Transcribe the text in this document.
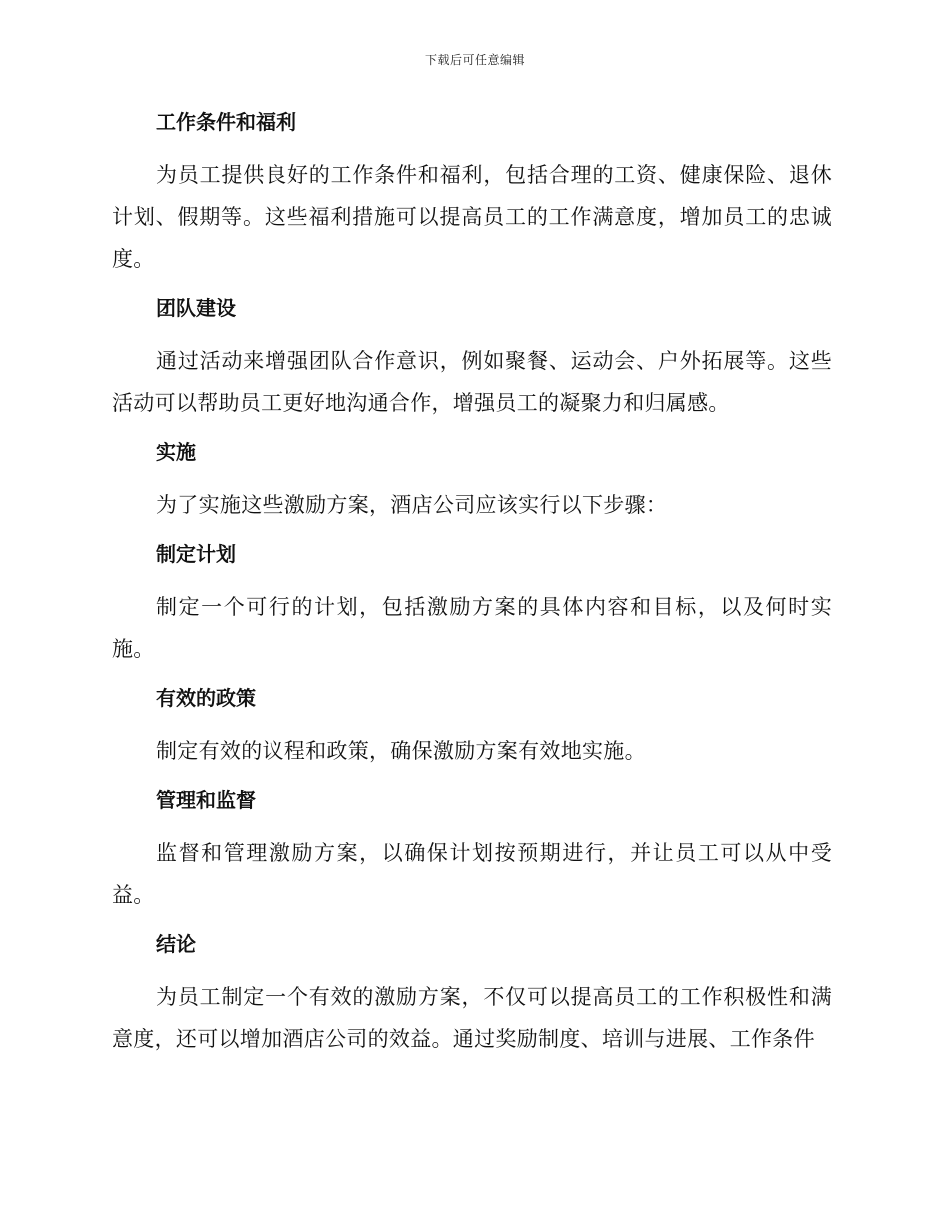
下载后可任意编辑
工作条件和福利

为员工提供良好的工作条件和福利，包括合理的工资、健康保险、退休计划、假期等。这些福利措施可以提高员工的工作满意度，增加员工的忠诚度。

团队建设

通过活动来增强团队合作意识，例如聚餐、运动会、户外拓展等。这些活动可以帮助员工更好地沟通合作，增强员工的凝聚力和归属感。

实施

为了实施这些激励方案，酒店公司应该实行以下步骤：

制定计划

制定一个可行的计划，包括激励方案的具体内容和目标，以及何时实施。

有效的政策

制定有效的议程和政策，确保激励方案有效地实施。

管理和监督

监督和管理激励方案，以确保计划按预期进行，并让员工可以从中受益。

结论

为员工制定一个有效的激励方案，不仅可以提高员工的工作积极性和满意度，还可以增加酒店公司的效益。通过奖励制度、培训与进展、工作条件
